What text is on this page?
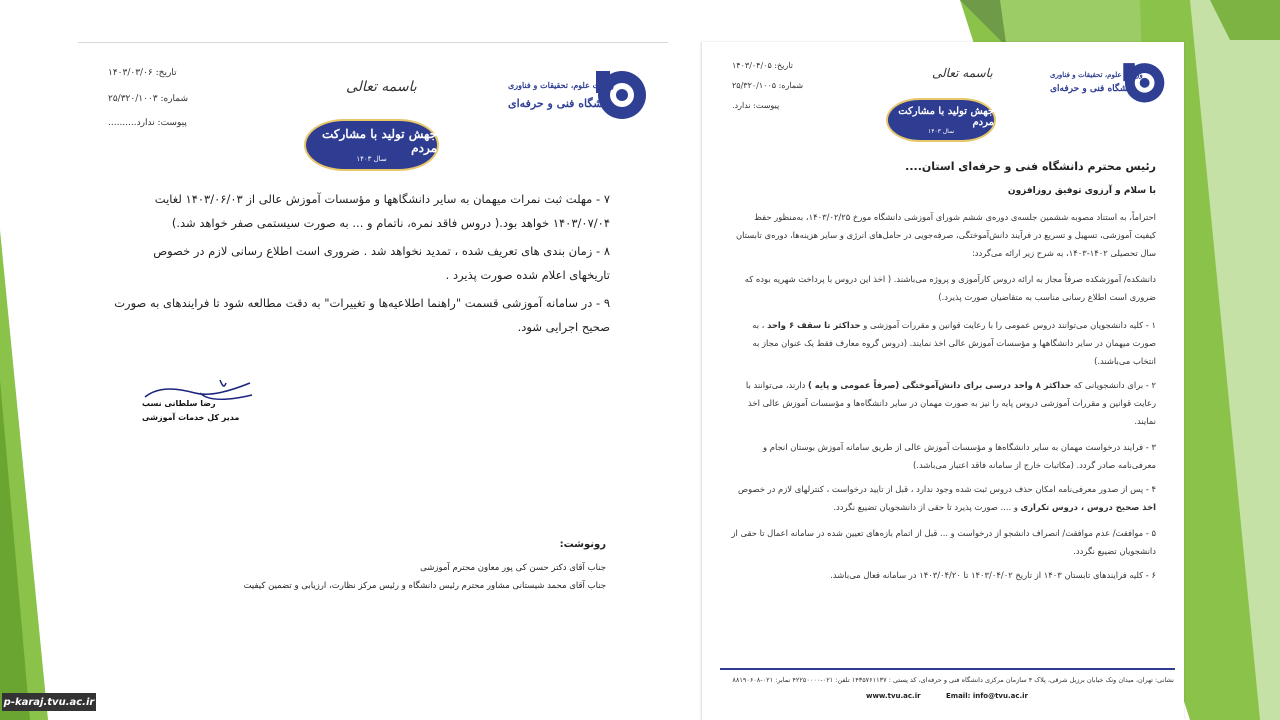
تاریخ: ۱۴۰۳/۰۳/۰۶
شماره: ۲۵/۳۲۰/۱۰۰۳
پیوست: ندارد..........
باسمه تعالی
جهش تولید با مشارکت مردم
سال ۱۴۰۳
وزارت علوم، تحقیقات و فناوری
دانشگاه فنی و حرفه‌ای
۷ - مهلت ثبت نمرات میهمان به سایر دانشگاهها و مؤسسات آموزش عالی از ۱۴۰۳/۰۶/۰۳ لغایت ۱۴۰۳/۰۷/۰۴ خواهد بود.( دروس فاقد نمره، ناتمام و ... به صورت سیستمی صفر خواهد شد.)
۸ - زمان بندی های تعریف شده ، تمدید نخواهد شد . ضروری است اطلاع رسانی لازم در خصوص تاریخهای اعلام شده صورت پذیرد .
۹ - در سامانه آموزشی قسمت "راهنما اطلاعیه‌ها و تغییرات" به دقت مطالعه شود تا فرایندهای به صورت صحیح اجرایی شود.
رضا سلطانی نسب
مدیر کل خدمات آموزشی
رونوشت:
جناب آقای دکتر حسن کی پور معاون محترم آموزشی
جناب آقای محمد شیستانی مشاور محترم رئیس دانشگاه و رئیس مرکز نظارت، ارزیابی و تضمین کیفیت
تاریخ: ۱۴۰۳/۰۴/۰۵
شماره: ۲۵/۳۲۰/۱۰۰۵
پیوست: ندارد.
باسمه تعالی
جهش تولید با مشارکت مردم
سال ۱۴۰۳
وزارت علوم، تحقیقات و فناوری
دانشگاه فنی و حرفه‌ای
رئیس محترم دانشگاه فنی و حرفه‌ای استان....
با سلام و آرزوی توفیق روزافزون
احتراماً، به استناد مصوبه ششمین جلسه‌ی دوره‌ی ششم شورای آموزشی دانشگاه مورخ ۱۴۰۳/۰۲/۲۵، به‌منظور حفظ کیفیت آموزشی، تسهیل و تسریع در فرآیند دانش‌آموختگی، صرفه‌جویی در حامل‌های انرژی و سایر هزینه‌ها، دوره‌ی تابستان سال تحصیلی ۱۴۰۲-۱۴۰۳، به شرح زیر ارائه می‌گردد:
دانشکده/ آموزشکده صرفاً مجاز به ارائه دروس کارآموزی و پروژه می‌باشند. ( اخذ این دروس با پرداخت شهریه بوده که ضروری است اطلاع رسانی مناسب به متقاضیان صورت پذیرد.)
۱ - کلیه دانشجویان می‌توانند دروس عمومی را با رعایت قوانین و مقررات آموزشی و حداکثر تا سقف ۶ واحد ، به صورت میهمان در سایر دانشگاهها و مؤسسات آموزش عالی اخذ نمایند. (دروس گروه معارف فقط یک عنوان مجاز به انتخاب می‌باشند.)
۲ - برای دانشجویانی که حداکثر ۸ واحد درسی برای دانش‌آموختگی (صرفاً عمومی و پایه ) دارند، می‌توانند با رعایت قوانین و مقررات آموزشی دروس پایه را نیز به صورت مهمان در سایر دانشگاه‌ها و مؤسسات آموزش عالی اخذ نمایند.
۳ - فرایند درخواست مهمان به سایر دانشگاه‌ها و مؤسسات آموزش عالی از طریق سامانه آموزش بوستان انجام و معرفی‌نامه صادر گردد. (مکاتبات خارج از سامانه فاقد اعتبار می‌باشد.)
۴ - پس از صدور معرفی‌نامه امکان حذف دروس ثبت شده وجود ندارد ، قبل از تایید درخواست ، کنترلهای لازم در خصوص اخذ صحیح دروس ، دروس تکراری و .... صورت پذیرد تا حقی از دانشجویان تضییع نگردد.
۵ - موافقت/ عدم موافقت/ انصراف دانشجو از درخواست و ... قبل از اتمام بازه‌های تعیین شده در سامانه اعمال تا حقی از دانشجویان تضییع نگردد.
۶ - کلیه فرایندهای تابستان ۱۴۰۳ از تاریخ ۱۴۰۳/۰۴/۰۲ تا ۱۴۰۳/۰۴/۲۰ در سامانه فعال می‌باشد.
نشانی: تهران، میدان ونک خیابان برزیل شرقی، پلاک ۴ سازمان مرکزی دانشگاه فنی و حرفه‌ای، کد پستی : ۱۴۳۵۷۶۱۱۳۷ تلفن: ۰۲۱-۴۲۲۵۰۰۰۰ نمابر: ۰۲۱-۸۸۱۹۰۶۰۸
www.tvu.ac.ir	Email: info@tvu.ac.ir
p-karaj.tvu.ac.ir
